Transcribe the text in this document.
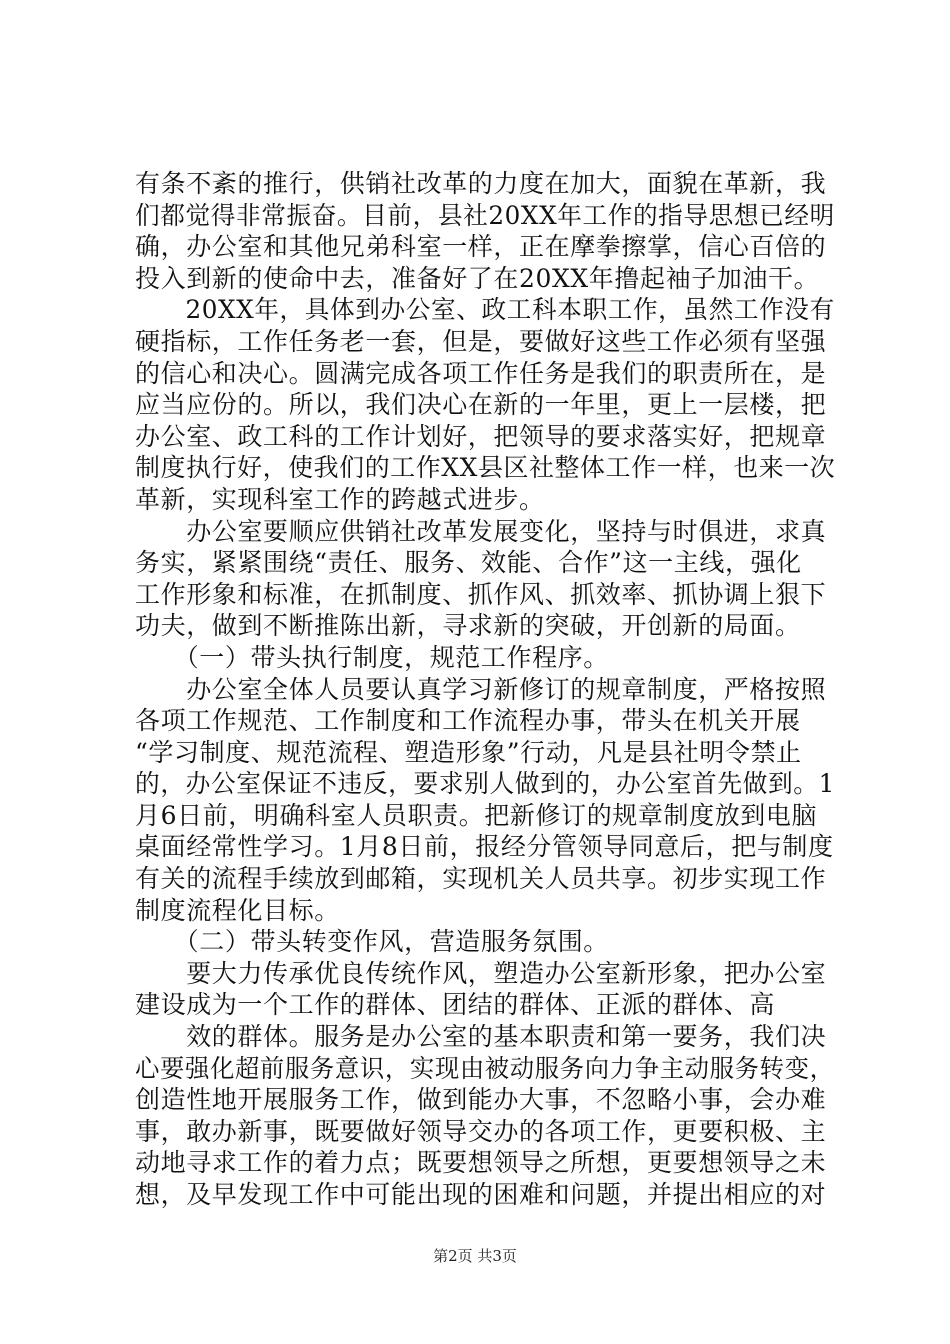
有条不紊的推行，供销社改革的力度在加大，面貌在革新，我
们都觉得非常振奋。目前，县社20XX年工作的指导思想已经明
确，办公室和其他兄弟科室一样，正在摩拳擦掌，信心百倍的
投入到新的使命中去，准备好了在20XX年撸起袖子加油干。
　　20XX年，具体到办公室、政工科本职工作，虽然工作没有
硬指标，工作任务老一套，但是，要做好这些工作必须有坚强
的信心和决心。圆满完成各项工作任务是我们的职责所在，是
应当应份的。所以，我们决心在新的一年里，更上一层楼，把
办公室、政工科的工作计划好，把领导的要求落实好，把规章
制度执行好，使我们的工作XX县区社整体工作一样，也来一次
革新，实现科室工作的跨越式进步。
　　办公室要顺应供销社改革发展变化，坚持与时俱进，求真
务实，紧紧围绕“责任、服务、效能、合作”这一主线，强化
工作形象和标准，在抓制度、抓作风、抓效率、抓协调上狠下
功夫，做到不断推陈出新，寻求新的突破，开创新的局面。
　　（一）带头执行制度，规范工作程序。
　　办公室全体人员要认真学习新修订的规章制度，严格按照
各项工作规范、工作制度和工作流程办事，带头在机关开展
“学习制度、规范流程、塑造形象”行动，凡是县社明令禁止
的，办公室保证不违反，要求别人做到的，办公室首先做到。1
月6日前，明确科室人员职责。把新修订的规章制度放到电脑
桌面经常性学习。1月8日前，报经分管领导同意后，把与制度
有关的流程手续放到邮箱，实现机关人员共享。初步实现工作
制度流程化目标。
　　（二）带头转变作风，营造服务氛围。
　　要大力传承优良传统作风，塑造办公室新形象，把办公室
建设成为一个工作的群体、团结的群体、正派的群体、高
　　效的群体。服务是办公室的基本职责和第一要务，我们决
心要强化超前服务意识，实现由被动服务向力争主动服务转变，
创造性地开展服务工作，做到能办大事，不忽略小事，会办难
事，敢办新事，既要做好领导交办的各项工作，更要积极、主
动地寻求工作的着力点；既要想领导之所想，更要想领导之未
想，及早发现工作中可能出现的困难和问题，并提出相应的对
第2页 共3页
